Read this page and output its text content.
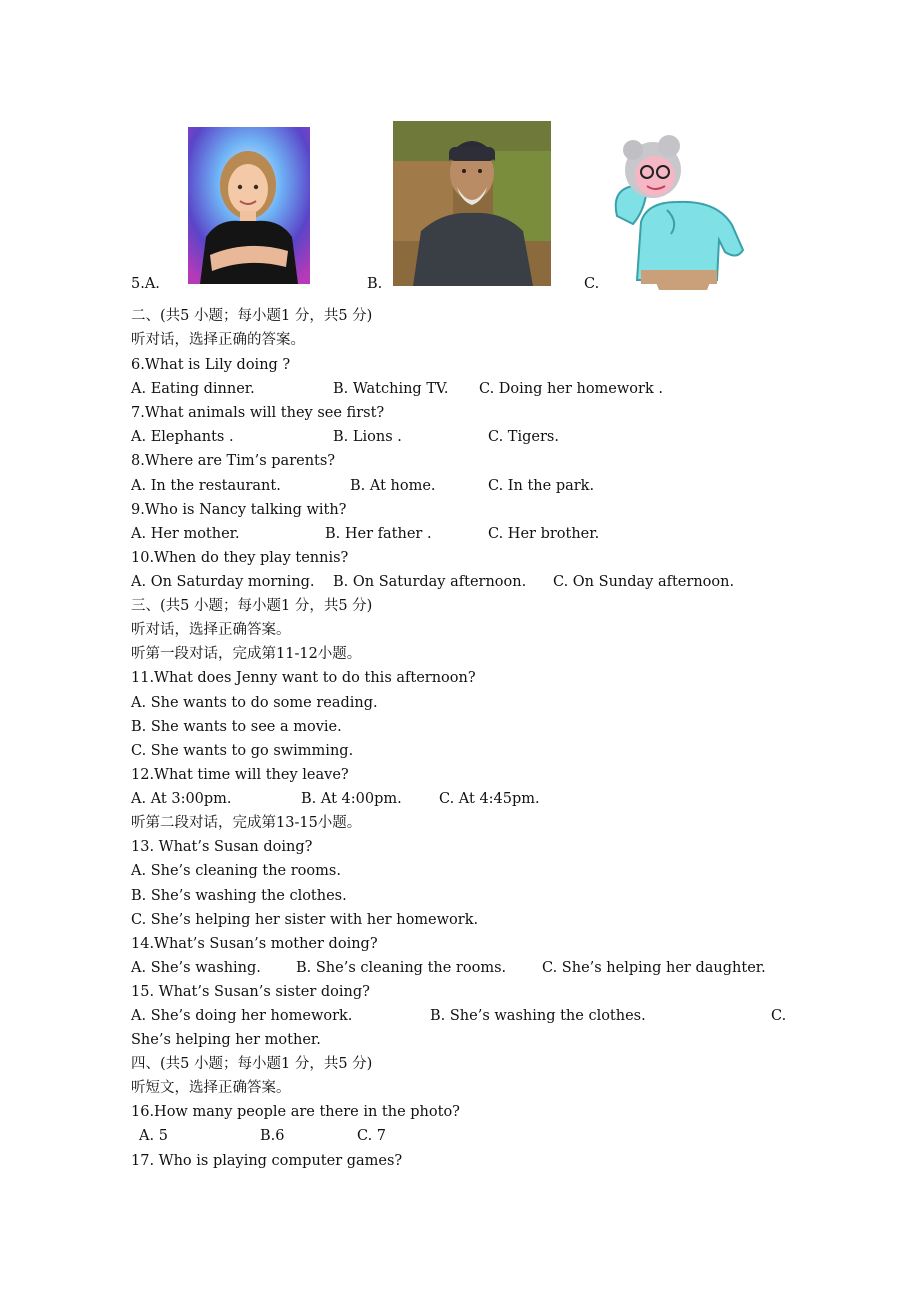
5.A.	B.	C.
二、(共5 小题；每小题1 分，共5 分)
听对话，选择正确的答案。
6.What is Lily doing ?
A. Eating dinner.	B. Watching TV. C. Doing her homework .
7.What animals will they see first?
A. Elephants .	B. Lions .	C. Tigers.
8.Where are Tim’s parents?
A. In the restaurant.	B. At home.	C. In the park.
9.Who is Nancy talking with?
A. Her mother.	B. Her father .	C. Her brother.
10.When do they play tennis?
A. On Saturday morning. B. On Saturday afternoon. C. On Sunday afternoon.
三、(共5 小题；每小题1 分，共5 分)
听对话，选择正确答案。
听第一段对话，完成第11-12小题。
11.What does Jenny want to do this afternoon?
A. She wants to do some reading.
B. She wants to see a movie.
C. She wants to go swimming.
12.What time will they leave?
A. At 3:00pm.	B. At 4:00pm.	C. At 4:45pm.
听第二段对话，完成第13-15小题。
13. What’s Susan doing?
A. She’s cleaning the rooms.
B. She’s washing the clothes.
C. She’s helping her sister with her homework.
14.What’s Susan’s mother doing?
A. She’s washing. B. She’s cleaning the rooms. C. She’s helping her daughter.
15. What’s Susan’s sister doing?
A. She’s doing her homework.	B. She’s washing the clothes.	C.
She’s helping her mother.
四、(共5 小题；每小题1 分，共5 分)
听短文，选择正确答案。
16.How many people are there in the photo?
A. 5	B.6	C. 7
17. Who is playing computer games?
